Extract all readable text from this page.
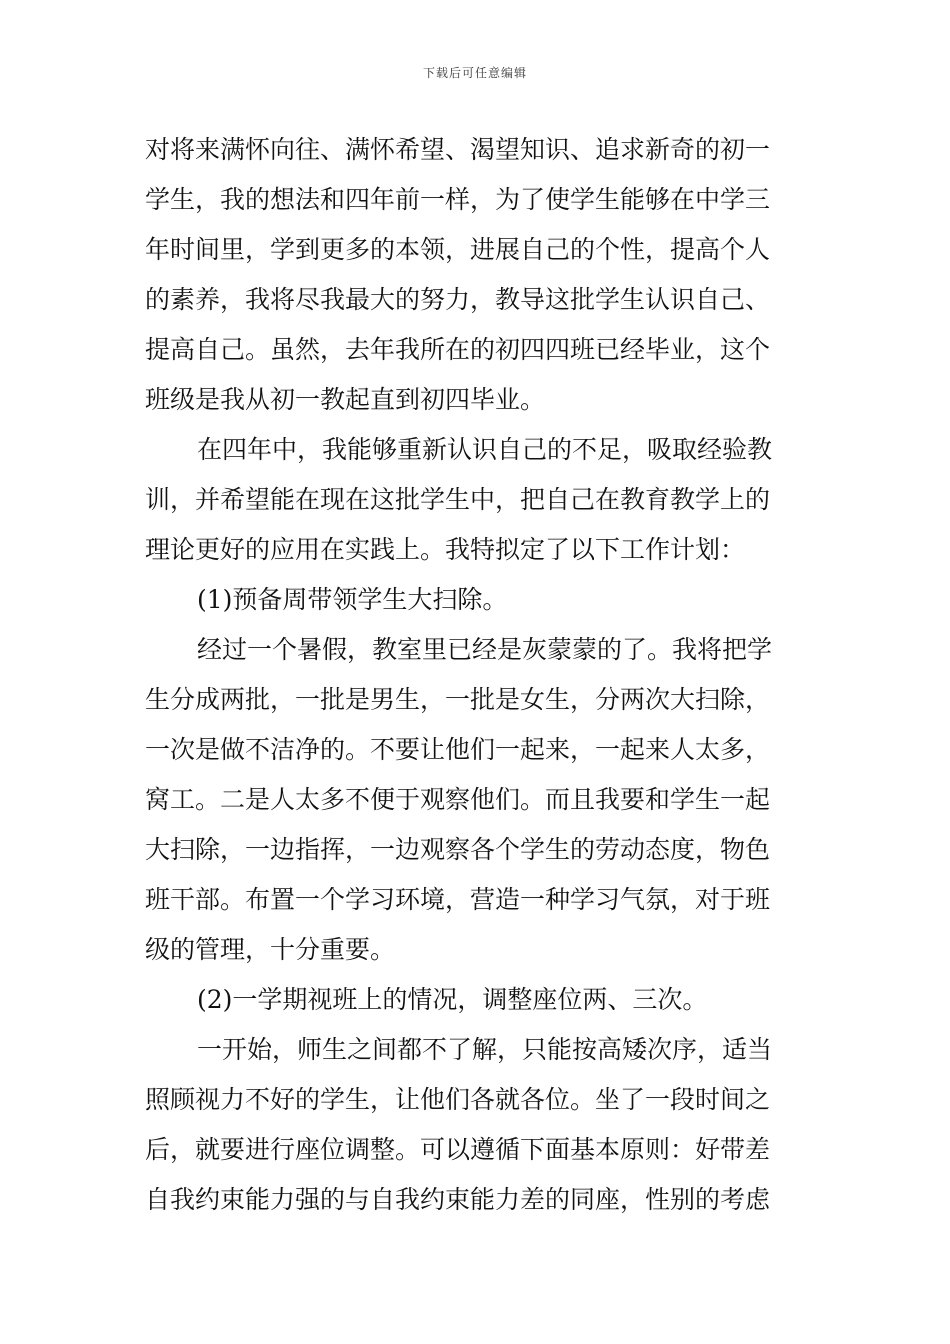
下载后可任意编辑
对将来满怀向往、满怀希望、渴望知识、追求新奇的初一
学生，我的想法和四年前一样，为了使学生能够在中学三
年时间里，学到更多的本领，进展自己的个性，提高个人
的素养，我将尽我最大的努力，教导这批学生认识自己、
提高自己。虽然，去年我所在的初四四班已经毕业，这个
班级是我从初一教起直到初四毕业。
在四年中，我能够重新认识自己的不足，吸取经验教
训，并希望能在现在这批学生中，把自己在教育教学上的
理论更好的应用在实践上。我特拟定了以下工作计划：
(1)预备周带领学生大扫除。
经过一个暑假，教室里已经是灰蒙蒙的了。我将把学
生分成两批，一批是男生，一批是女生，分两次大扫除，
一次是做不洁净的。不要让他们一起来，一起来人太多，
窝工。二是人太多不便于观察他们。而且我要和学生一起
大扫除，一边指挥，一边观察各个学生的劳动态度，物色
班干部。布置一个学习环境，营造一种学习气氛，对于班
级的管理，十分重要。
(2)一学期视班上的情况，调整座位两、三次。
一开始，师生之间都不了解，只能按高矮次序，适当
照顾视力不好的学生，让他们各就各位。坐了一段时间之
后，就要进行座位调整。可以遵循下面基本原则：好带差
自我约束能力强的与自我约束能力差的同座，性别的考虑
